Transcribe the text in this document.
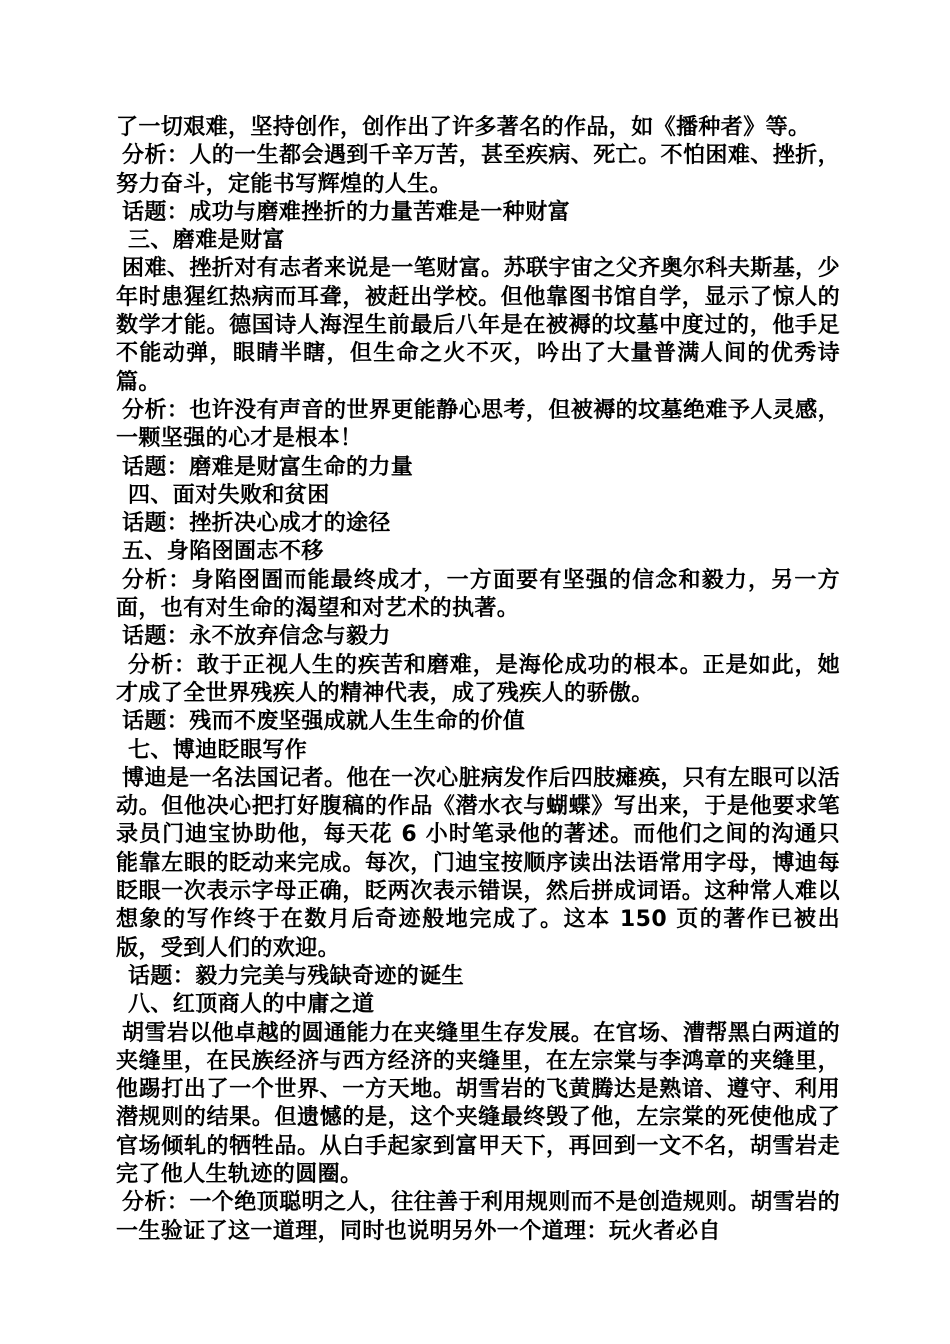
了一切艰难，坚持创作，创作出了许多著名的作品，如《播种者》等。

分析：人的一生都会遇到千辛万苦，甚至疾病、死亡。不怕困难、挫折，努力奋斗，定能书写辉煌的人生。

话题：成功与磨难挫折的力量苦难是一种财富

三、磨难是财富

困难、挫折对有志者来说是一笔财富。苏联宇宙之父齐奥尔科夫斯基，少年时患猩红热病而耳聋，被赶出学校。但他靠图书馆自学，显示了惊人的数学才能。德国诗人海涅生前最后八年是在被褥的坟墓中度过的，他手足不能动弹，眼睛半瞎，但生命之火不灭，吟出了大量普满人间的优秀诗篇。

分析：也许没有声音的世界更能静心思考，但被褥的坟墓绝难予人灵感，一颗坚强的心才是根本！

话题：磨难是财富生命的力量

四、面对失败和贫困

话题：挫折决心成才的途径

五、身陷囹圄志不移

分析：身陷囹圄而能最终成才，一方面要有坚强的信念和毅力，另一方面，也有对生命的渴望和对艺术的执著。

话题：永不放弃信念与毅力

分析：敢于正视人生的疾苦和磨难，是海伦成功的根本。正是如此，她才成了全世界残疾人的精神代表，成了残疾人的骄傲。

话题：残而不废坚强成就人生生命的价值

七、博迪眨眼写作

博迪是一名法国记者。他在一次心脏病发作后四肢瘫痪，只有左眼可以活动。但他决心把打好腹稿的作品《潜水衣与蝴蝶》写出来，于是他要求笔录员门迪宝协助他，每天花 6 小时笔录他的著述。而他们之间的沟通只能靠左眼的眨动来完成。每次，门迪宝按顺序读出法语常用字母，博迪每眨眼一次表示字母正确，眨两次表示错误，然后拼成词语。这种常人难以想象的写作终于在数月后奇迹般地完成了。这本 150 页的著作已被出版，受到人们的欢迎。

话题：毅力完美与残缺奇迹的诞生

八、红顶商人的中庸之道

胡雪岩以他卓越的圆通能力在夹缝里生存发展。在官场、漕帮黑白两道的夹缝里，在民族经济与西方经济的夹缝里，在左宗棠与李鸿章的夹缝里，他踢打出了一个世界、一方天地。胡雪岩的飞黄腾达是熟谙、遵守、利用潜规则的结果。但遗憾的是，这个夹缝最终毁了他，左宗棠的死使他成了官场倾轧的牺牲品。从白手起家到富甲天下，再回到一文不名，胡雪岩走完了他人生轨迹的圆圈。

分析：一个绝顶聪明之人，往往善于利用规则而不是创造规则。胡雪岩的一生验证了这一道理，同时也说明另外一个道理：玩火者必自
